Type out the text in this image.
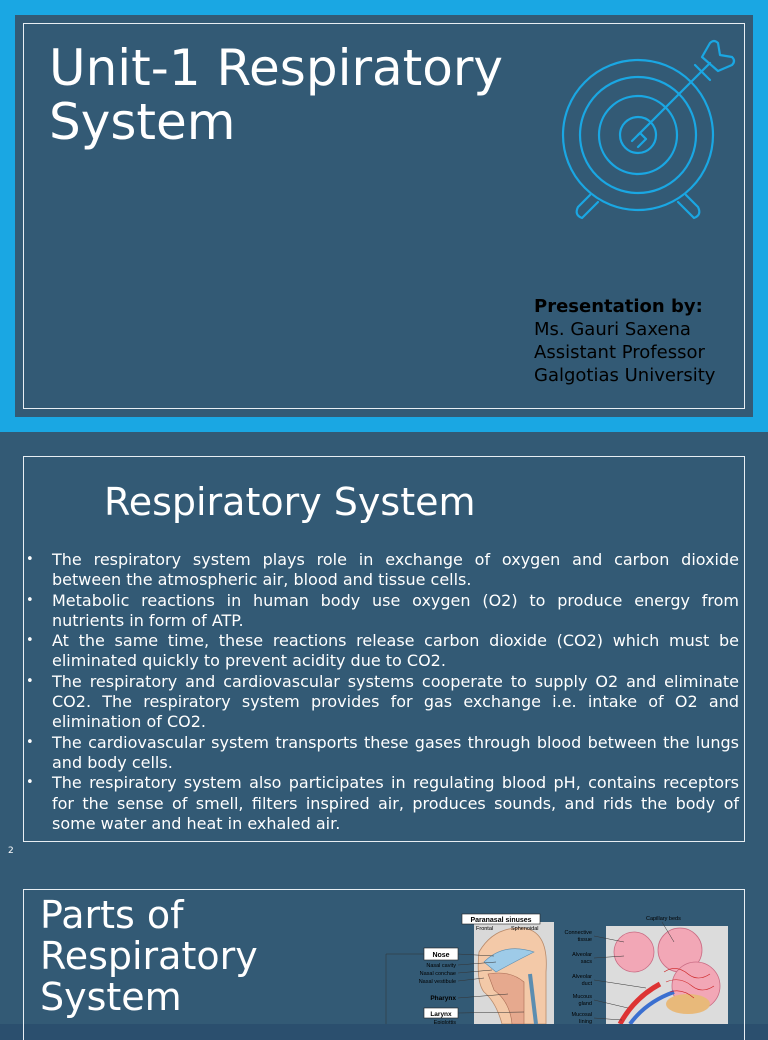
Unit-1 Respiratory
System
Presentation by:
Ms. Gauri Saxena
Assistant Professor
Galgotias University
Respiratory System
• The respiratory system plays role in exchange of oxygen and carbon dioxide between the atmospheric air, blood and tissue cells.
• Metabolic reactions in human body use oxygen (O2) to produce energy from nutrients in form of ATP.
• At the same time, these reactions release carbon dioxide (CO2) which must be eliminated quickly to prevent acidity due to CO2.
• The respiratory and cardiovascular systems cooperate to supply O2 and eliminate CO2. The respiratory system provides for gas exchange i.e. intake of O2 and elimination of CO2.
• The cardiovascular system transports these gases through blood between the lungs and body cells.
• The respiratory system also participates in regulating blood pH, contains receptors for the sense of smell, filters inspired air, produces sounds, and rids the body of some water and heat in exhaled air.
2
Parts of
Respiratory
System
Paranasal sinuses
Frontal	Sphenoidal
Nose
Nasal cavity
Nasal conchae
Nasal vestibule
Pharynx
Larynx
Epiglottis
Capillary beds
Connective
tissue
Alveolar
sacs
Alveolar
duct
Mucous
gland
Mucosal
lining
